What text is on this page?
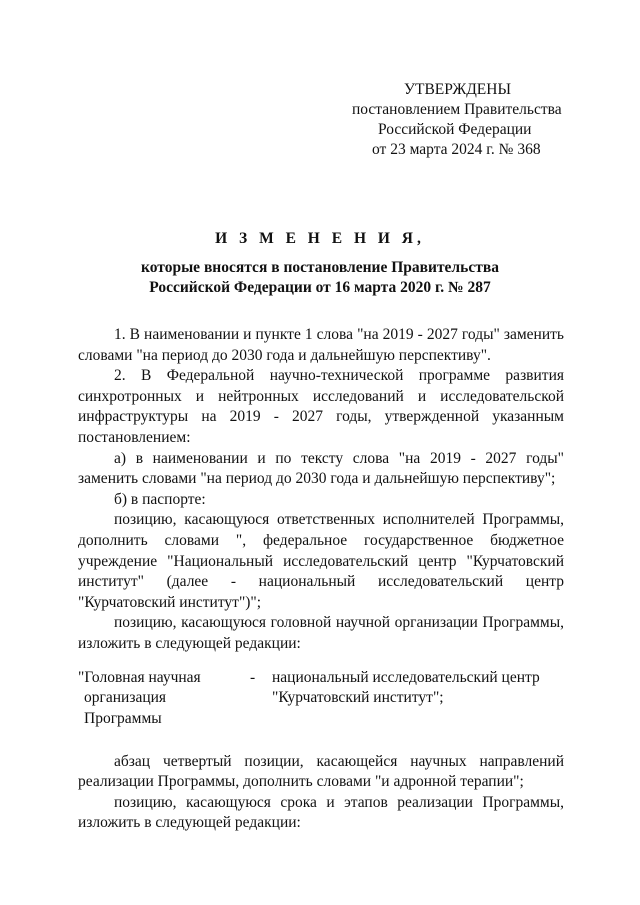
УТВЕРЖДЕНЫ
постановлением Правительства
Российской Федерации
от 23 марта 2024 г. № 368
И З М Е Н Е Н И Я,
которые вносятся в постановление Правительства
Российской Федерации от 16 марта 2020 г. № 287

1. В наименовании и пункте 1 слова "на 2019 - 2027 годы" заменить словами "на период до 2030 года и дальнейшую перспективу".

2. В Федеральной научно-технической программе развития синхротронных и нейтронных исследований и исследовательской инфраструктуры на 2019 - 2027 годы, утвержденной указанным постановлением:

а) в наименовании и по тексту слова "на 2019 - 2027 годы" заменить словами "на период до 2030 года и дальнейшую перспективу";

б) в паспорте:

позицию, касающуюся ответственных исполнителей Программы, дополнить словами ", федеральное государственное бюджетное учреждение "Национальный исследовательский центр "Курчатовский институт" (далее - национальный исследовательский центр "Курчатовский институт")";

позицию, касающуюся головной научной организации Программы, изложить в следующей редакции:

"Головная научная
организация
Программы
- национальный исследовательский центр
"Курчатовский институт";

абзац четвертый позиции, касающейся научных направлений реализации Программы, дополнить словами "и адронной терапии";

позицию, касающуюся срока и этапов реализации Программы, изложить в следующей редакции:
